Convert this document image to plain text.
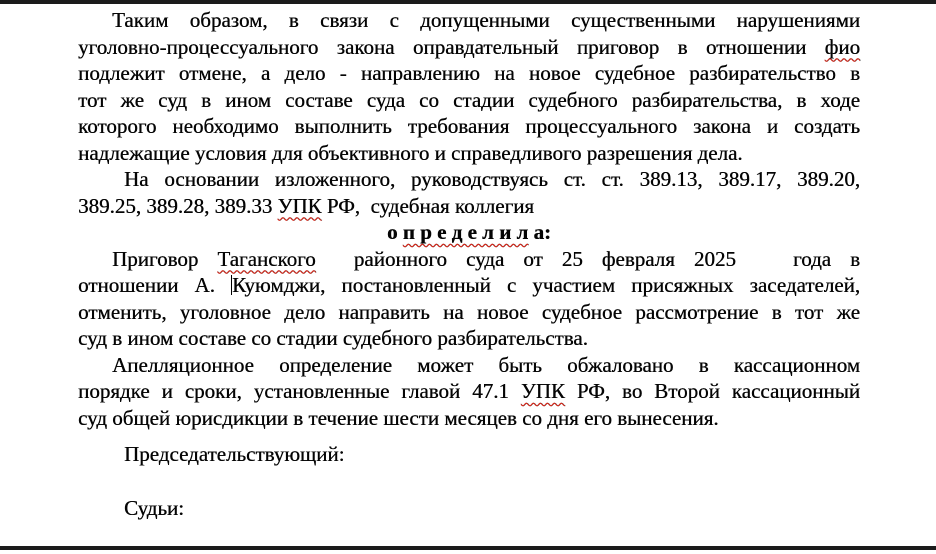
Таким образом, в связи с допущенными существенными нарушениями
уголовно-процессуального закона оправдательный приговор в отношении фио
подлежит отмене, а дело - направлению на новое судебное разбирательство в
тот же суд в ином составе суда со стадии судебного разбирательства, в ходе
которого необходимо выполнить требования процессуального закона и создать
надлежащие условия для объективного и справедливого разрешения дела.
На основании изложенного, руководствуясь ст. ст. 389.13, 389.17, 389.20,
389.25, 389.28, 389.33 УПК РФ,  судебная коллегия
о п р е д е л и л а:
Приговор Таганского  районного суда от 25 февраля 2025   года в
отношении А. Куюмджи, постановленный с участием присяжных заседателей,
отменить, уголовное дело направить на новое судебное рассмотрение в тот же
суд в ином составе со стадии судебного разбирательства.
Апелляционное определение может быть обжаловано в кассационном
порядке и сроки, установленные главой 47.1 УПК РФ, во Второй кассационный
суд общей юрисдикции в течение шести месяцев со дня его вынесения.
Председательствующий:
Судьи:
